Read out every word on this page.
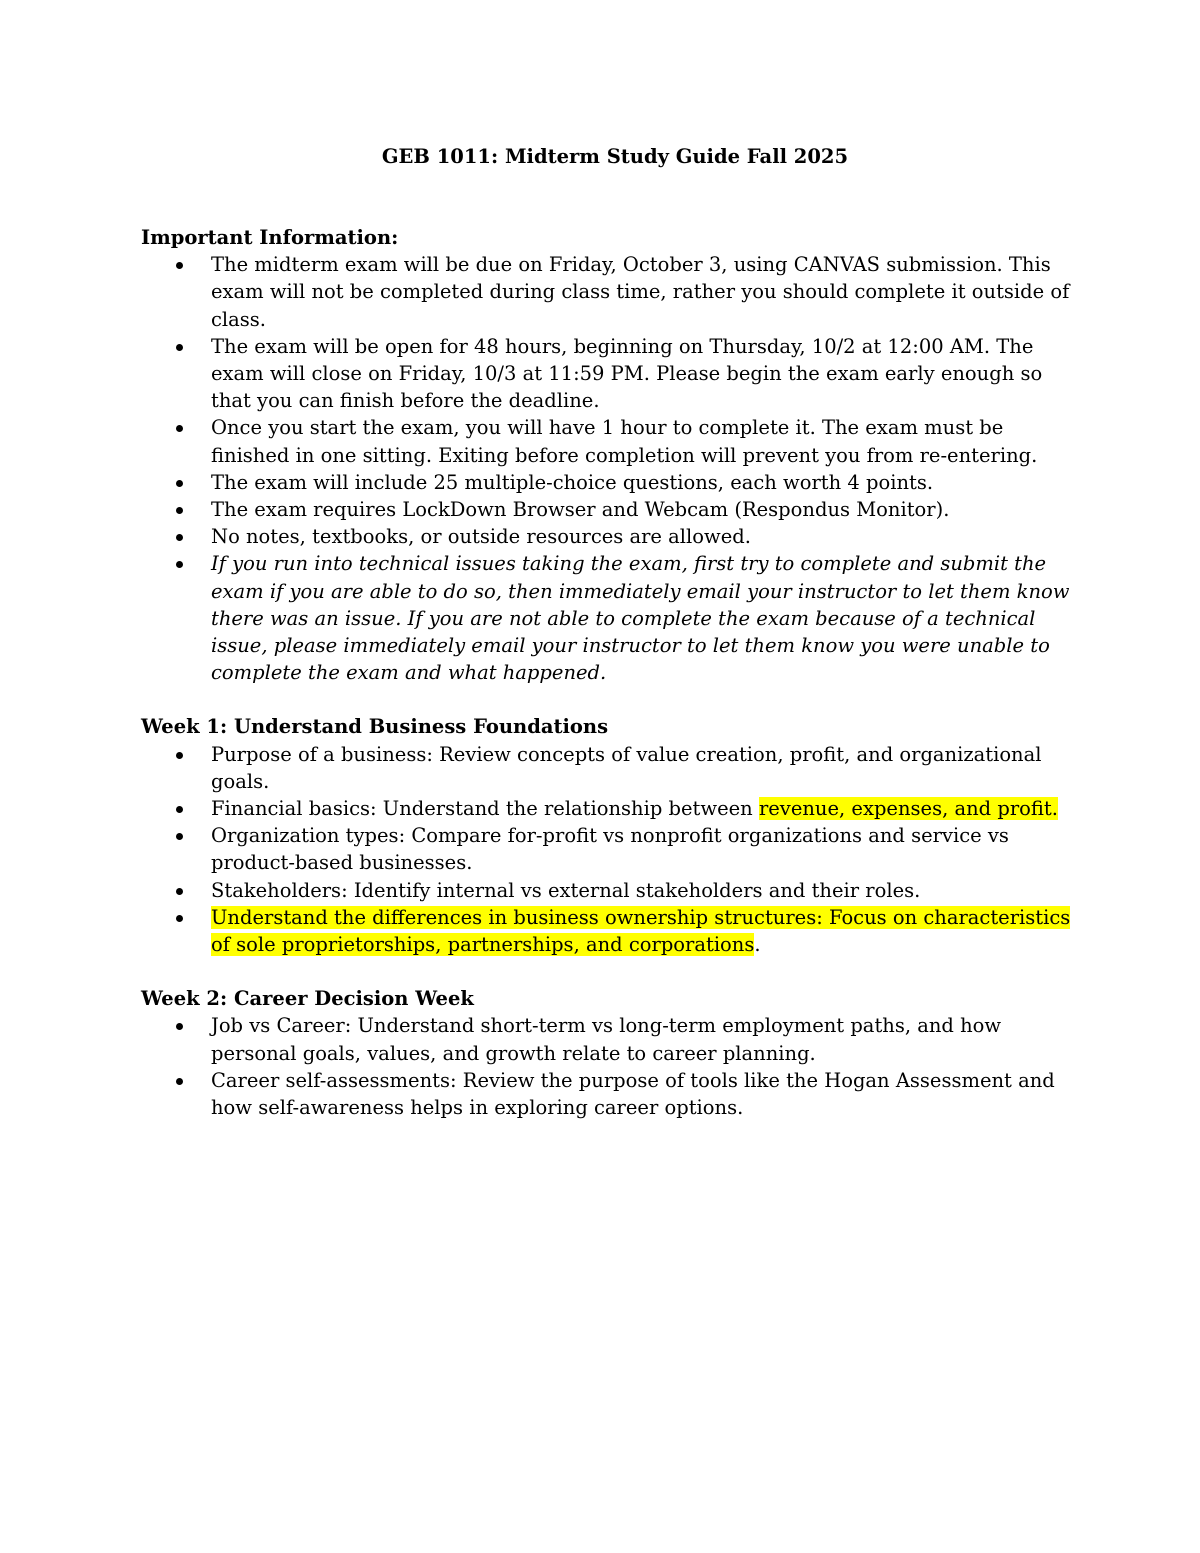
GEB 1011: Midterm Study Guide Fall 2025

Important Information:

The midterm exam will be due on Friday, October 3, using CANVAS submission. This exam will not be completed during class time, rather you should complete it outside of class.
The exam will be open for 48 hours, beginning on Thursday, 10/2 at 12:00 AM. The exam will close on Friday, 10/3 at 11:59 PM. Please begin the exam early enough so that you can finish before the deadline.
Once you start the exam, you will have 1 hour to complete it. The exam must be finished in one sitting. Exiting before completion will prevent you from re-entering.
The exam will include 25 multiple-choice questions, each worth 4 points.
The exam requires LockDown Browser and Webcam (Respondus Monitor).
No notes, textbooks, or outside resources are allowed.
If you run into technical issues taking the exam, first try to complete and submit the exam if you are able to do so, then immediately email your instructor to let them know there was an issue. If you are not able to complete the exam because of a technical issue, please immediately email your instructor to let them know you were unable to complete the exam and what happened.

Week 1: Understand Business Foundations

Purpose of a business: Review concepts of value creation, profit, and organizational goals.
Financial basics: Understand the relationship between revenue, expenses, and profit.
Organization types: Compare for-profit vs nonprofit organizations and service vs product-based businesses.
Stakeholders: Identify internal vs external stakeholders and their roles.
Understand the differences in business ownership structures: Focus on characteristics of sole proprietorships, partnerships, and corporations.

Week 2: Career Decision Week

Job vs Career: Understand short-term vs long-term employment paths, and how personal goals, values, and growth relate to career planning.
Career self-assessments: Review the purpose of tools like the Hogan Assessment and how self-awareness helps in exploring career options.
